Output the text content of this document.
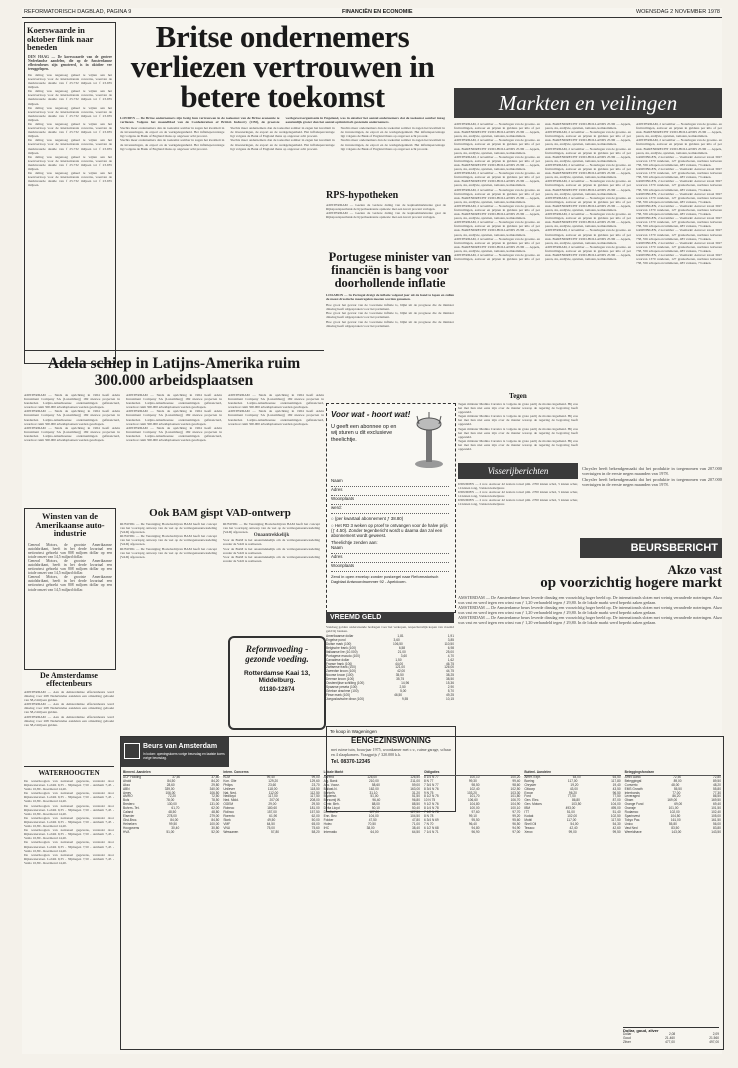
REFORMATORISCH DAGBLAD, PAGINA 9	FINANCIËN EN ECONOMIE	WOENSDAG 2 NOVEMBER 1978
Koerswaarde in oktober flink naar beneden
DEN HAAG — De koerswaarde van de grotere Nederlandse aandelen, die op de Amsterdamse effectenbeurs zijn genoteerd, is in oktober ver teruggelopen.

De daling was nagenoeg geheel te wijten aan het koersverloop voor de internationale concerns, waarvan de marktwaarde daalde van f 25.732 miljoen tot f 23.935 miljoen.

De daling was nagenoeg geheel te wijten aan het koersverloop voor de internationale concerns, waarvan de marktwaarde daalde van f 25.732 miljoen tot f 23.935 miljoen.

De daling was nagenoeg geheel te wijten aan het koersverloop voor de internationale concerns, waarvan de marktwaarde daalde van f 25.732 miljoen tot f 23.935 miljoen.

De daling was nagenoeg geheel te wijten aan het koersverloop voor de internationale concerns, waarvan de marktwaarde daalde van f 25.732 miljoen tot f 23.935 miljoen.

De daling was nagenoeg geheel te wijten aan het koersverloop voor de internationale concerns, waarvan de marktwaarde daalde van f 25.732 miljoen tot f 23.935 miljoen.

De daling was nagenoeg geheel te wijten aan het koersverloop voor de internationale concerns, waarvan de marktwaarde daalde van f 25.732 miljoen tot f 23.935 miljoen.

De daling was nagenoeg geheel te wijten aan het koersverloop voor de internationale concerns, waarvan de marktwaarde daalde van f 25.732 miljoen tot f 23.935 miljoen.

Britse ondernemers verliezen vertrouwen in betere toekomst
LONDEN — De Britse ondernemers zijn bezig hun vertrouwen in de toekomst van de Britse economie te verliezen. Volgens het maandblad van de Confederation of British Industry (CBI), de grootste werkgeversorganisatie in Engeland, was in oktober het aantal ondernemers dat de toekomst somber inzag aanzienlijk groter dan het aantal optimistisch gestemde ondernemers.

Slechts meer ondernemers dan de toekomst somber in zagen het kwaliteit in de investeringen, de export en de werkgelegenheid. Het inflatiepercentage ligt volgens de Bank of England thans op ongeveer acht procent.

Slechts meer ondernemers dan de toekomst somber in zagen het kwaliteit in de investeringen, de export en de werkgelegenheid. Het inflatiepercentage ligt volgens de Bank of England thans op ongeveer acht procent.

Slechts meer ondernemers dan de toekomst somber in zagen het kwaliteit in de investeringen, de export en de werkgelegenheid. Het inflatiepercentage ligt volgens de Bank of England thans op ongeveer acht procent.

Slechts meer ondernemers dan de toekomst somber in zagen het kwaliteit in de investeringen, de export en de werkgelegenheid. Het inflatiepercentage ligt volgens de Bank of England thans op ongeveer acht procent.

Slechts meer ondernemers dan de toekomst somber in zagen het kwaliteit in de investeringen, de export en de werkgelegenheid. Het inflatiepercentage ligt volgens de Bank of England thans op ongeveer acht procent.

Slechts meer ondernemers dan de toekomst somber in zagen het kwaliteit in de investeringen, de export en de werkgelegenheid. Het inflatiepercentage ligt volgens de Bank of England thans op ongeveer acht procent.

RPS-hypotheken

AMSTERDAM — Gezien de verdere daling van de kapitaalmarktrente gaat de Rijkspostspaarbank de hypotheekrente opnieuw met een kwart procent verlagen.

AMSTERDAM — Gezien de verdere daling van de kapitaalmarktrente gaat de Rijkspostspaarbank de hypotheekrente opnieuw met een kwart procent verlagen.

Portugese minister van financiën is bang voor doorhollende inflatie
LISSABON — In Portugal dreigt de inflatie volgend jaar uit de hand te lopen en zullen de meest drastische maatregelen moeten worden genomen.

Hoe groot het gevaar van de voorziene inflatie is, blijkt uit de prognose die de minister dinsdag heeft uitgesproken voor het parlement.

Hoe groot het gevaar van de voorziene inflatie is, blijkt uit de prognose die de minister dinsdag heeft uitgesproken voor het parlement.

Hoe groot het gevaar van de voorziene inflatie is, blijkt uit de prognose die de minister dinsdag heeft uitgesproken voor het parlement.

Adela schiep in Latijns-Amerika ruim 300.000 arbeidsplaatsen

AMSTERDAM — Sinds de oprichting in 1964 heeft Adela Investment Company SA (Luxemburg) 169 nieuwe projecten in honderden Latijns-Amerikaanse ondernemingen gefinancierd, waardoor ruim 300.000 arbeidsplaatsen werden geschapen.

AMSTERDAM — Sinds de oprichting in 1964 heeft Adela Investment Company SA (Luxemburg) 169 nieuwe projecten in honderden Latijns-Amerikaanse ondernemingen gefinancierd, waardoor ruim 300.000 arbeidsplaatsen werden geschapen.

AMSTERDAM — Sinds de oprichting in 1964 heeft Adela Investment Company SA (Luxemburg) 169 nieuwe projecten in honderden Latijns-Amerikaanse ondernemingen gefinancierd, waardoor ruim 300.000 arbeidsplaatsen werden geschapen.

AMSTERDAM — Sinds de oprichting in 1964 heeft Adela Investment Company SA (Luxemburg) 169 nieuwe projecten in honderden Latijns-Amerikaanse ondernemingen gefinancierd, waardoor ruim 300.000 arbeidsplaatsen werden geschapen.

AMSTERDAM — Sinds de oprichting in 1964 heeft Adela Investment Company SA (Luxemburg) 169 nieuwe projecten in honderden Latijns-Amerikaanse ondernemingen gefinancierd, waardoor ruim 300.000 arbeidsplaatsen werden geschapen.

AMSTERDAM — Sinds de oprichting in 1964 heeft Adela Investment Company SA (Luxemburg) 169 nieuwe projecten in honderden Latijns-Amerikaanse ondernemingen gefinancierd, waardoor ruim 300.000 arbeidsplaatsen werden geschapen.

AMSTERDAM — Sinds de oprichting in 1964 heeft Adela Investment Company SA (Luxemburg) 169 nieuwe projecten in honderden Latijns-Amerikaanse ondernemingen gefinancierd, waardoor ruim 300.000 arbeidsplaatsen werden geschapen.

AMSTERDAM — Sinds de oprichting in 1964 heeft Adela Investment Company SA (Luxemburg) 169 nieuwe projecten in honderden Latijns-Amerikaanse ondernemingen gefinancierd, waardoor ruim 300.000 arbeidsplaatsen werden geschapen.

Voor wat - hoort wat!
U geeft een abonnee op en wij sturen u dit exclusieve theelichtje.
Naam
Adres
Woonplaats
werd:
○ (per kwartaal abonnement ƒ 38.80)
○ Het RD 3 weken op proef te ontvangen voor de halve prijs (ƒ 4.50). Zonder tegenbericht wordt u daarna dan zal een abonnement wordt geweest.
Theelichtje zenden aan:
Naam
Adres
Woonplaats
Zend in open envelop zonder postzegel naar Reformatorisch Dagblad Antwoordnummer 92 - Apeldoorn.
Tegen

Tegen minister Medina Carreira is volgens de grote partij de moties ingediend. Hij zou het met hun niet eens zijn over de manier waarop de regering de begroting heeft opgesteld.

Tegen minister Medina Carreira is volgens de grote partij de moties ingediend. Hij zou het met hun niet eens zijn over de manier waarop de regering de begroting heeft opgesteld.

Tegen minister Medina Carreira is volgens de grote partij de moties ingediend. Hij zou het met hun niet eens zijn over de manier waarop de regering de begroting heeft opgesteld.

Tegen minister Medina Carreira is volgens de grote partij de moties ingediend. Hij zou het met hun niet eens zijn over de manier waarop de regering de begroting heeft opgesteld.

VREEMD GELD
Vandaag golden onderstaande bedragen voor het verkopen, respectievelijk kopen van vreemd geld bij banken.
Amerikaanse dollar	1,81	1,91
Engelse pond	3,60	3,85
Duitse mark (100)	106,50	110,50
Belgische frank (100)	6,58	6,98
Italiaanse lire (10.000)	21,00	25,00
Portugese escudo (100)	3,60	4,70
Canadese dollar	1,50	1,62
Franse frank (100)	44,00	46,75
Zwitserse frank (100)	121,00	126,00
Zweedse kroon (100)	42,00	44,75
Noorse kroon (100)	35,50	38,25
Deense kroon (100)	35,75	38,50
Oostenrijkse schilling (100)	14,96	15,36
Spaanse peseta (100)	2,50	2,90
Griekse drachme (100)	5,00	5,70
Finse mark (100)	46,50	49,25
Joegoslavische dinar (100)	9,55	10,15
Te koop in Wageningen
EENGEZINSWONING
met ruime tuin, bouwjaar 1975, woonkamer met c.v., ruime garage, schuur en 4 slaapkamers. Vraagprijs ƒ 320.000 k.k.
Tel. 08370-12345
Markten en veilingen

AMSTERDAM, 2 november — Noteringen van de groente- en fruitveilingen, aanvoer en prijzen in guldens per kilo of per stuk. BARENDRECHT ZUID-HOLLANDS ZUID — Appels, peren, sla, andijvie, spruiten, tomaten, komkommers.

AMSTERDAM, 2 november — Noteringen van de groente- en fruitveilingen, aanvoer en prijzen in guldens per kilo of per stuk. BARENDRECHT ZUID-HOLLANDS ZUID — Appels, peren, sla, andijvie, spruiten, tomaten, komkommers.

AMSTERDAM, 2 november — Noteringen van de groente- en fruitveilingen, aanvoer en prijzen in guldens per kilo of per stuk. BARENDRECHT ZUID-HOLLANDS ZUID — Appels, peren, sla, andijvie, spruiten, tomaten, komkommers.

AMSTERDAM, 2 november — Noteringen van de groente- en fruitveilingen, aanvoer en prijzen in guldens per kilo of per stuk. BARENDRECHT ZUID-HOLLANDS ZUID — Appels, peren, sla, andijvie, spruiten, tomaten, komkommers.

AMSTERDAM, 2 november — Noteringen van de groente- en fruitveilingen, aanvoer en prijzen in guldens per kilo of per stuk. BARENDRECHT ZUID-HOLLANDS ZUID — Appels, peren, sla, andijvie, spruiten, tomaten, komkommers.

AMSTERDAM, 2 november — Noteringen van de groente- en fruitveilingen, aanvoer en prijzen in guldens per kilo of per stuk. BARENDRECHT ZUID-HOLLANDS ZUID — Appels, peren, sla, andijvie, spruiten, tomaten, komkommers.

AMSTERDAM, 2 november — Noteringen van de groente- en fruitveilingen, aanvoer en prijzen in guldens per kilo of per stuk. BARENDRECHT ZUID-HOLLANDS ZUID — Appels, peren, sla, andijvie, spruiten, tomaten, komkommers.

AMSTERDAM, 2 november — Noteringen van de groente- en fruitveilingen, aanvoer en prijzen in guldens per kilo of per stuk. BARENDRECHT ZUID-HOLLANDS ZUID — Appels, peren, sla, andijvie, spruiten, tomaten, komkommers.

AMSTERDAM, 2 november — Noteringen van de groente- en fruitveilingen, aanvoer en prijzen in guldens per kilo of per stuk. BARENDRECHT ZUID-HOLLANDS ZUID — Appels, peren, sla, andijvie, spruiten, tomaten, komkommers.

AMSTERDAM, 2 november — Noteringen van de groente- en fruitveilingen, aanvoer en prijzen in guldens per kilo of per stuk. BARENDRECHT ZUID-HOLLANDS ZUID — Appels, peren, sla, andijvie, spruiten, tomaten, komkommers.

AMSTERDAM, 2 november — Noteringen van de groente- en fruitveilingen, aanvoer en prijzen in guldens per kilo of per stuk. BARENDRECHT ZUID-HOLLANDS ZUID — Appels, peren, sla, andijvie, spruiten, tomaten, komkommers.

AMSTERDAM, 2 november — Noteringen van de groente- en fruitveilingen, aanvoer en prijzen in guldens per kilo of per stuk. BARENDRECHT ZUID-HOLLANDS ZUID — Appels, peren, sla, andijvie, spruiten, tomaten, komkommers.

AMSTERDAM, 2 november — Noteringen van de groente- en fruitveilingen, aanvoer en prijzen in guldens per kilo of per stuk. BARENDRECHT ZUID-HOLLANDS ZUID — Appels, peren, sla, andijvie, spruiten, tomaten, komkommers.

AMSTERDAM, 2 november — Noteringen van de groente- en fruitveilingen, aanvoer en prijzen in guldens per kilo of per stuk. BARENDRECHT ZUID-HOLLANDS ZUID — Appels, peren, sla, andijvie, spruiten, tomaten, komkommers.

AMSTERDAM, 2 november — Noteringen van de groente- en fruitveilingen, aanvoer en prijzen in guldens per kilo of per stuk. BARENDRECHT ZUID-HOLLANDS ZUID — Appels, peren, sla, andijvie, spruiten, tomaten, komkommers.

AMSTERDAM, 2 november — Noteringen van de groente- en fruitveilingen, aanvoer en prijzen in guldens per kilo of per stuk. BARENDRECHT ZUID-HOLLANDS ZUID — Appels, peren, sla, andijvie, spruiten, tomaten, komkommers.

AMSTERDAM, 2 november — Noteringen van de groente- en fruitveilingen, aanvoer en prijzen in guldens per kilo of per stuk. BARENDRECHT ZUID-HOLLANDS ZUID — Appels, peren, sla, andijvie, spruiten, tomaten, komkommers.

AMSTERDAM, 2 november — Noteringen van de groente- en fruitveilingen, aanvoer en prijzen in guldens per kilo of per stuk. BARENDRECHT ZUID-HOLLANDS ZUID — Appels, peren, sla, andijvie, spruiten, tomaten, komkommers.

AMSTERDAM, 2 november — Noteringen van de groente- en fruitveilingen, aanvoer en prijzen in guldens per kilo of per stuk. BARENDRECHT ZUID-HOLLANDS ZUID — Appels, peren, sla, andijvie, spruiten, tomaten, komkommers.

GRONINGEN, 2 november — Veemarkt: Aanvoer totaal 3027 waarvan 1370 runderen, 127 graskalveren, nuchtere kalveren 738, 356 schapen en lammeren, 483 varkens, 7 bokken.

GRONINGEN, 2 november — Veemarkt: Aanvoer totaal 3027 waarvan 1370 runderen, 127 graskalveren, nuchtere kalveren 738, 356 schapen en lammeren, 483 varkens, 7 bokken.

GRONINGEN, 2 november — Veemarkt: Aanvoer totaal 3027 waarvan 1370 runderen, 127 graskalveren, nuchtere kalveren 738, 356 schapen en lammeren, 483 varkens, 7 bokken.

GRONINGEN, 2 november — Veemarkt: Aanvoer totaal 3027 waarvan 1370 runderen, 127 graskalveren, nuchtere kalveren 738, 356 schapen en lammeren, 483 varkens, 7 bokken.

GRONINGEN, 2 november — Veemarkt: Aanvoer totaal 3027 waarvan 1370 runderen, 127 graskalveren, nuchtere kalveren 738, 356 schapen en lammeren, 483 varkens, 7 bokken.

GRONINGEN, 2 november — Veemarkt: Aanvoer totaal 3027 waarvan 1370 runderen, 127 graskalveren, nuchtere kalveren 738, 356 schapen en lammeren, 483 varkens, 7 bokken.

GRONINGEN, 2 november — Veemarkt: Aanvoer totaal 3027 waarvan 1370 runderen, 127 graskalveren, nuchtere kalveren 738, 356 schapen en lammeren, 483 varkens, 7 bokken.

GRONINGEN, 2 november — Veemarkt: Aanvoer totaal 3027 waarvan 1370 runderen, 127 graskalveren, nuchtere kalveren 738, 356 schapen en lammeren, 483 varkens, 7 bokken.

GRONINGEN, 2 november — Veemarkt: Aanvoer totaal 3027 waarvan 1370 runderen, 127 graskalveren, nuchtere kalveren 738, 356 schapen en lammeren, 483 varkens, 7 bokken.

Visserijberichten

IJMUIDEN — 2 nov. Aanvoer 42 kotters totaal plm. 2700 kisten schol, 5 kisten schar, 14 kisten tong, 3 kisten kabeljauw.

IJMUIDEN — 2 nov. Aanvoer 42 kotters totaal plm. 2700 kisten schol, 5 kisten schar, 14 kisten tong, 3 kisten kabeljauw.

IJMUIDEN — 2 nov. Aanvoer 42 kotters totaal plm. 2700 kisten schol, 5 kisten schar, 14 kisten tong, 3 kisten kabeljauw.

Chrysler heeft bekendgemaakt dat het produktie in toegenomen van 207.000 voertuigen in de eerste negen maanden van 1978.

Chrysler heeft bekendgemaakt dat het produktie in toegenomen van 207.000 voertuigen in de eerste negen maanden van 1978.

BEURSBERICHT
Akzo vast
op voorzichtig hogere markt

AMSTERDAM — De Amsterdamse beurs leverde dinsdag een voorzichtig hoger beeld op. De internationals sloten met weinig veranderde noteringen. Akzo was vast en werd tegen een winst van ƒ 1,20 verhandeld tegen ƒ 29,80. In de lokale markt werd beperkt zaken gedaan.

AMSTERDAM — De Amsterdamse beurs leverde dinsdag een voorzichtig hoger beeld op. De internationals sloten met weinig veranderde noteringen. Akzo was vast en werd tegen een winst van ƒ 1,20 verhandeld tegen ƒ 29,80. In de lokale markt werd beperkt zaken gedaan.

AMSTERDAM — De Amsterdamse beurs leverde dinsdag een voorzichtig hoger beeld op. De internationals sloten met weinig veranderde noteringen. Akzo was vast en werd tegen een winst van ƒ 1,20 verhandeld tegen ƒ 29,80. In de lokale markt werd beperkt zaken gedaan.

Winsten van de Amerikaanse auto-industrie

General Motors, de grootste Amerikaanse autofabrikant, heeft in het derde kwartaal een nettowinst geboekt van 808 miljoen dollar op een totale omzet van 14,5 miljard dollar.

General Motors, de grootste Amerikaanse autofabrikant, heeft in het derde kwartaal een nettowinst geboekt van 808 miljoen dollar op een totale omzet van 14,5 miljard dollar.

General Motors, de grootste Amerikaanse autofabrikant, heeft in het derde kwartaal een nettowinst geboekt van 808 miljoen dollar op een totale omzet van 14,5 miljard dollar.

De Amsterdamse effectenbeurs

AMSTERDAM — Aan de Amsterdamse effectenbeurs werd dinsdag voor 268 Nederlandse aandelen een omzetting geboekt van 38,2 miljoen gulden.

AMSTERDAM — Aan de Amsterdamse effectenbeurs werd dinsdag voor 268 Nederlandse aandelen een omzetting geboekt van 38,2 miljoen gulden.

AMSTERDAM — Aan de Amsterdamse effectenbeurs werd dinsdag voor 268 Nederlandse aandelen een omzetting geboekt van 38,2 miljoen gulden.

WATERHOOGTEN

De waterhoogten van nationaal gegevens, verstrekt door Rijkswaterstaat. Lobith 9,35 - Nijmegen 7,50 - Arnhem 7,45 - Venlo 10,80 - Roermond 14,20.

De waterhoogten van nationaal gegevens, verstrekt door Rijkswaterstaat. Lobith 9,35 - Nijmegen 7,50 - Arnhem 7,45 - Venlo 10,80 - Roermond 14,20.

De waterhoogten van nationaal gegevens, verstrekt door Rijkswaterstaat. Lobith 9,35 - Nijmegen 7,50 - Arnhem 7,45 - Venlo 10,80 - Roermond 14,20.

De waterhoogten van nationaal gegevens, verstrekt door Rijkswaterstaat. Lobith 9,35 - Nijmegen 7,50 - Arnhem 7,45 - Venlo 10,80 - Roermond 14,20.

De waterhoogten van nationaal gegevens, verstrekt door Rijkswaterstaat. Lobith 9,35 - Nijmegen 7,50 - Arnhem 7,45 - Venlo 10,80 - Roermond 14,20.

De waterhoogten van nationaal gegevens, verstrekt door Rijkswaterstaat. Lobith 9,35 - Nijmegen 7,50 - Arnhem 7,45 - Venlo 10,80 - Roermond 14,20.

De waterhoogten van nationaal gegevens, verstrekt door Rijkswaterstaat. Lobith 9,35 - Nijmegen 7,50 - Arnhem 7,45 - Venlo 10,80 - Roermond 14,20.

Ook BAM gispt VAD-ontwerp

RIJSWIJK — De Vereniging Bouwbedrijven BAM heeft het concept van het voorlopig ontwerp van de wet op de vermogensaanwasdeling (VAD) afgewezen.

RIJSWIJK — De Vereniging Bouwbedrijven BAM heeft het concept van het voorlopig ontwerp van de wet op de vermogensaanwasdeling (VAD) afgewezen.

RIJSWIJK — De Vereniging Bouwbedrijven BAM heeft het concept van het voorlopig ontwerp van de wet op de vermogensaanwasdeling (VAD) afgewezen.

RIJSWIJK — De Vereniging Bouwbedrijven BAM heeft het concept van het voorlopig ontwerp van de wet op de vermogensaanwasdeling (VAD) afgewezen.

Onaantrekkelijk

Voor de BAM is het onaantrekkelijk om de vermogensaanwasdeling zonder de VAD te realiseren.

Voor de BAM is het onaantrekkelijk om de vermogensaanwasdeling zonder de VAD te realiseren.

Voor de BAM is het onaantrekkelijk om de vermogensaanwasdeling zonder de VAD te realiseren.

Reformvoeding - gezonde voeding.
Rotterdamse Kaai 13, Middelburg.
01180-12874
Beurs van Amsterdam
In kolom: openingskoers vorige beursdag en laatste koers vorige beursdag.
Binnenl. Aandelen
ACF Holding	37,50	37,80
Ahold	84,50	84,20
Akzo	28,60	29,80
ABN	339,00	340,00
Amev	106,00	106,50
AMRO	72,20	72,50
Bols	78,00	78,50
Bredero	130,00	131,00
Buhrm.-Tet.	61,70	62,00
Caland	48,50	48,80
Elsevier	278,00	279,00
Gist-Broc.	84,00	84,50
Heineken	99,50	100,00
Hoogovens	30,40	30,80
HVA	51,00	52,00
Intern. Concerns
KLM	99,40	99,00
Kon. Olie	129,20	129,60
Philips	23,60	23,70
Unilever	118,00	118,50
Nat. Ned.	112,00	112,50
Nedlloyd	117,00	117,50
Ned. Midd.	207,00	208,00
OGEM	29,00	29,50
Robeco	180,60	181,00
Rolinco	157,00	157,50
Rorento	61,90	62,00
Stork	49,50	50,00
VMF	64,50	65,00
VNU	75,00	75,60
Wessanen	57,80	58,20
Lokale Markt
Ahrend	126,00	126,50
Alg. Bank	210,00	211,00
Ass. Voorz.	58,60	59,00
Ballast-N.	162,00	163,00
Berkel's	31,10	31,20
Blydenst.	51,00	51,50
Borsumij W.	96,40	96,80
Centr. Beh.	88,00	88,50
Delta Lloyd	50,10	50,40
Dordtsche	127,00	127,50
Enn. Bev.	104,00	104,50
Fokker	47,50	47,80
Holec	70,50	71,00
IHC	38,00	38,40
Internatio	64,00	64,50
Obligaties
8 1/4 N 77	100,10	100,20
8 N 77	99,30	99,40
7 3/4 N 77	98,50	98,60
8 3/4 N 76	102,40	102,50
9 N 75	103,20	103,30
8 1/2 N 75	101,70	101,80
10 N 75	106,60	106,70
9 1/2 N 76	104,80	104,90
8 1/4 N 78	100,00	100,10
7 1/2 N 78	97,60	97,70
8 N 78	99,10	99,20
6 3/4 N 69	95,50	95,60
7 N 70	96,40	96,50
6 1/2 N 68	94,80	94,90
7 1/4 N 71	96,90	97,00
Buitenl. Aandelen
Amer. Expr.	64,00	64,50
Boeing	117,00	117,80
Chrysler	19,20	19,40
Citicorp	43,00	43,50
Exxon	96,20	96,50
Ford	77,00	77,50
Gen. Elec.	86,80	87,00
Gen. Motors	103,50	104,00
IBM	493,00	495,00
ITT	51,00	51,40
Kodak	102,00	102,50
Mobil	117,00	117,50
Shell Oil	54,00	54,30
Texaco	42,40	42,60
Xerox	99,00	99,50
Beleggingsfondsen
Amro Aand.	72,50	72,80
Beleggingsf.	89,00	89,50
Converto	48,00	48,20
EMS Growth	55,50	55,80
Interbonds	77,00	77,30
Leveraged	86,20	86,50
Obam	169,00	169,50
Orange Fund	69,00	69,40
Oransje	101,00	101,50
Rodamco	102,00	102,40
Sparinvest	104,50	105,00
Tokyo Pac.	161,00	161,50
Unico	55,80	56,00
Vast Ned	83,50	83,80
Wereldhave	143,00	143,50
Dollar, goud, zilver
Dollar	2,08	2,09
Goud	21.460	21.560
Zilver	477,00	497,00
